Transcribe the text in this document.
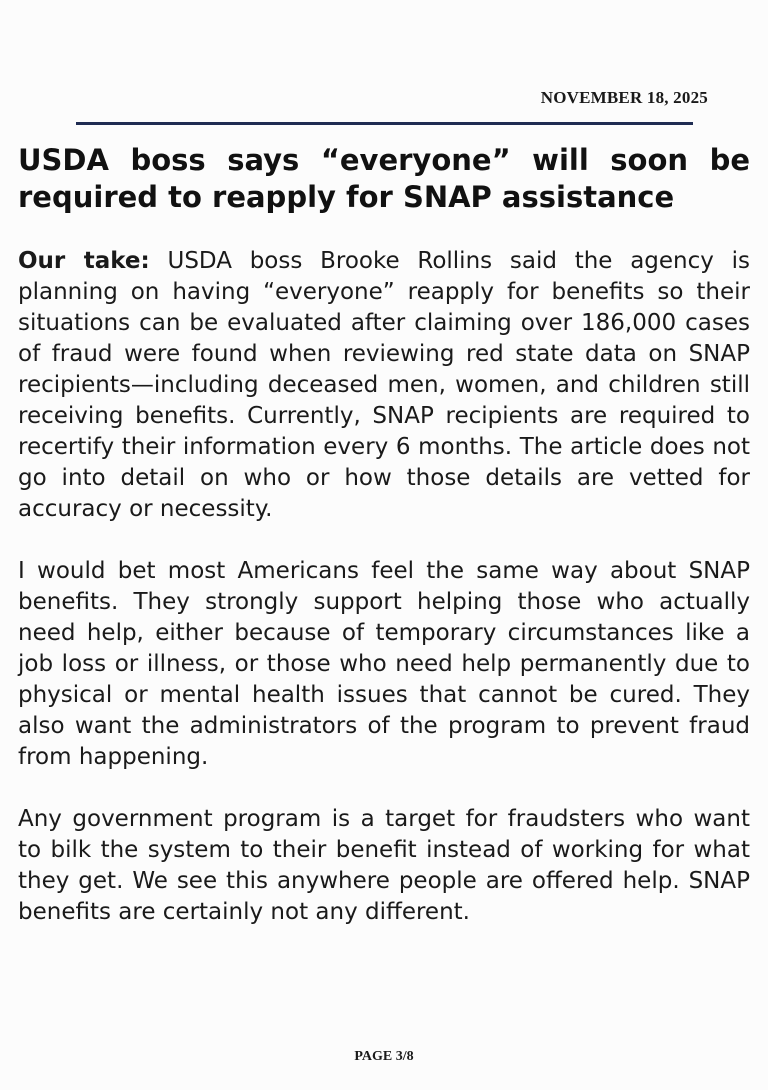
NOVEMBER 18, 2025
USDA boss says “everyone” will soon be required to reapply for SNAP assistance

Our take: USDA boss Brooke Rollins said the agency is planning on having “everyone” reapply for benefits so their situations can be evaluated after claiming over 186,000 cases of fraud were found when reviewing red state data on SNAP recipients—including deceased men, women, and children still receiving benefits. Currently, SNAP recipients are required to recertify their information every 6 months. The article does not go into detail on who or how those details are vetted for accuracy or necessity.

I would bet most Americans feel the same way about SNAP benefits. They strongly support helping those who actually need help, either because of temporary circumstances like a job loss or illness, or those who need help permanently due to physical or mental health issues that cannot be cured. They also want the administrators of the program to prevent fraud from happening.

Any government program is a target for fraudsters who want to bilk the system to their benefit instead of working for what they get. We see this anywhere people are offered help. SNAP benefits are certainly not any different.

PAGE 3/8
